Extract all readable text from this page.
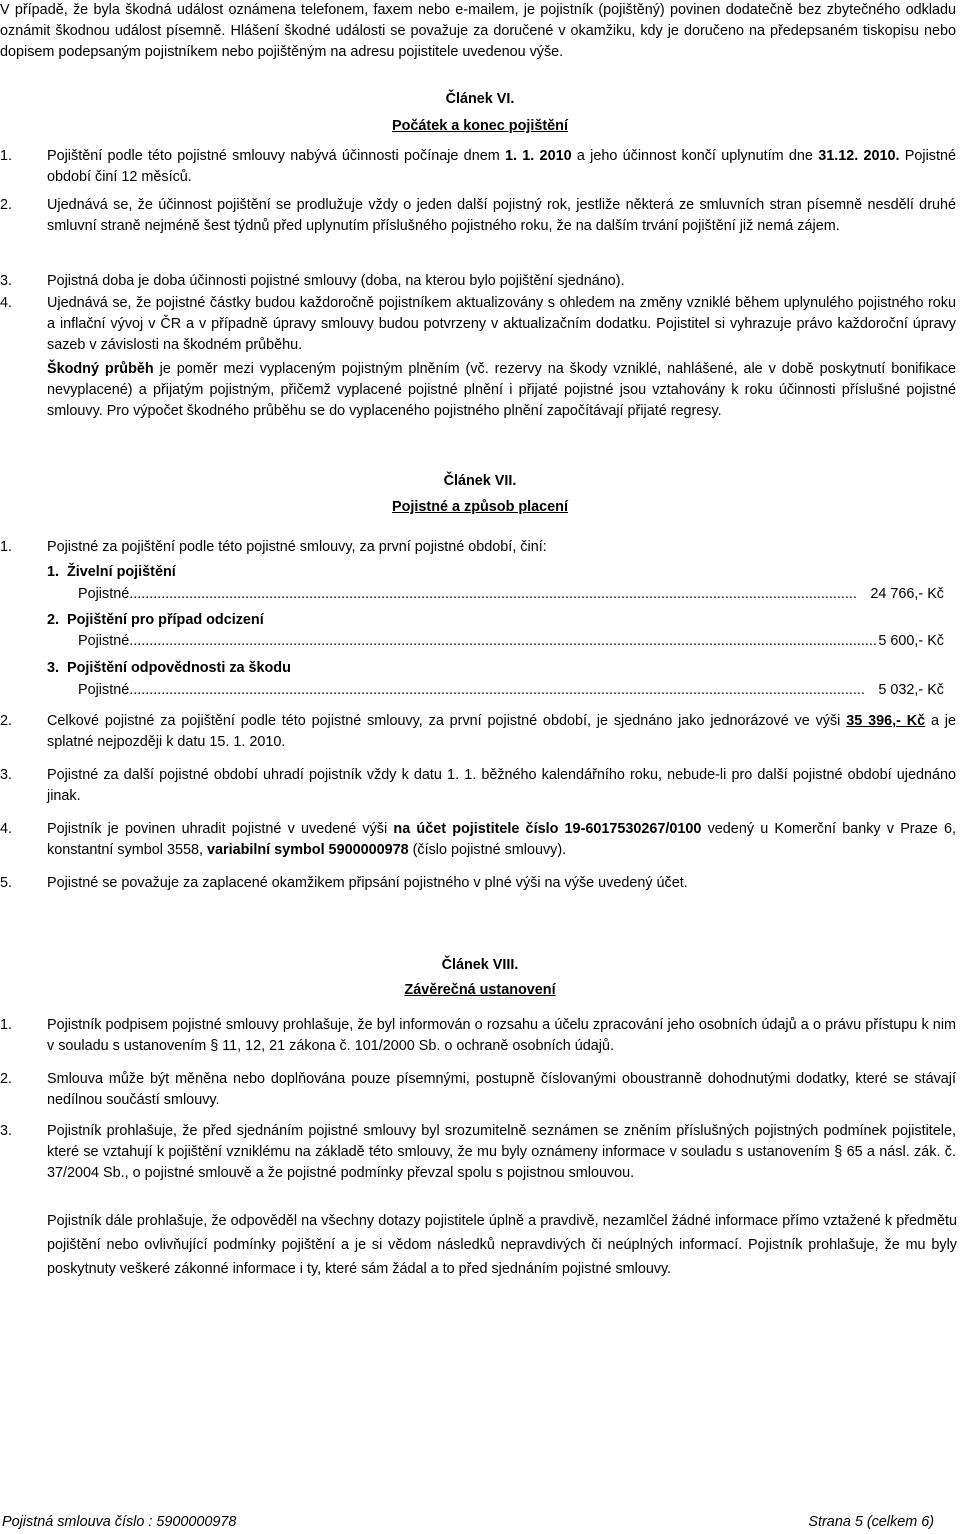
V případě, že byla škodná událost oznámena telefonem, faxem nebo e-mailem, je pojistník (pojištěný) povinen dodatečně bez zbytečného odkladu oznámit škodnou událost písemně. Hlášení škodné události se považuje za doručené v okamžiku, kdy je doručeno na předepsaném tiskopisu nebo dopisem podepsaným pojistníkem nebo pojištěným na adresu pojistitele uvedenou výše.

Článek VI.
Počátek a konec pojištění
1. Pojištění podle této pojistné smlouvy nabývá účinnosti počínaje dnem 1. 1. 2010 a jeho účinnost končí uplynutím dne 31.12. 2010. Pojistné období činí 12 měsíců.
2. Ujednává se, že účinnost pojištění se prodlužuje vždy o jeden další pojistný rok, jestliže některá ze smluvních stran písemně nesdělí druhé smluvní straně nejméně šest týdnů před uplynutím příslušného pojistného roku, že na dalším trvání pojištění již nemá zájem.
3. Pojistná doba je doba účinnosti pojistné smlouvy (doba, na kterou bylo pojištění sjednáno).
4. Ujednává se, že pojistné částky budou každoročně pojistníkem aktualizovány s ohledem na změny vzniklé během uplynulého pojistného roku a inflační vývoj v ČR a v případně úpravy smlouvy budou potvrzeny v aktualizačním dodatku. Pojistitel si vyhrazuje právo každoroční úpravy sazeb v závislosti na škodném průběhu.
Škodný průběh je poměr mezi vyplaceným pojistným plněním (vč. rezervy na škody vzniklé, nahlášené, ale v době poskytnutí bonifikace nevyplacené) a přijatým pojistným, přičemž vyplacené pojistné plnění i přijaté pojistné jsou vztahovány k roku účinnosti příslušné pojistné smlouvy. Pro výpočet škodného průběhu se do vyplaceného pojistného plnění započítávají přijaté regresy.
Článek VII.
Pojistné a způsob placení
1. Pojistné za pojištění podle této pojistné smlouvy, za první pojistné období, činí:
1. Živelní pojištění
Pojistné .....	24 766,- Kč
2. Pojištění pro případ odcizení
Pojistné .....	5 600,- Kč
3. Pojištění odpovědnosti za škodu
Pojistné .....	5 032,- Kč
2. Celkové pojistné za pojištění podle této pojistné smlouvy, za první pojistné období, je sjednáno jako jednorázové ve výši 35 396,- Kč a je splatné nejpozději k datu 15. 1. 2010.
3. Pojistné za další pojistné období uhradí pojistník vždy k datu 1. 1. běžného kalendářního roku, nebude-li pro další pojistné období ujednáno jinak.
4. Pojistník je povinen uhradit pojistné v uvedené výši na účet pojistitele číslo 19-6017530267/0100 vedený u Komerční banky v Praze 6, konstantní symbol 3558, variabilní symbol 5900000978 (číslo pojistné smlouvy).
5. Pojistné se považuje za zaplacené okamžikem připsání pojistného v plné výši na výše uvedený účet.
Článek VIII.
Závěrečná ustanovení
1. Pojistník podpisem pojistné smlouvy prohlašuje, že byl informován o rozsahu a účelu zpracování jeho osobních údajů a o právu přístupu k nim v souladu s ustanovením § 11, 12, 21 zákona č. 101/2000 Sb. o ochraně osobních údajů.
2. Smlouva může být měněna nebo doplňována pouze písemnými, postupně číslovanými oboustranně dohodnutými dodatky, které se stávají nedílnou součástí smlouvy.
3. Pojistník prohlašuje, že před sjednáním pojistné smlouvy byl srozumitelně seznámen se zněním příslušných pojistných podmínek pojistitele, které se vztahují k pojištění vzniklému na základě této smlouvy, že mu byly oznámeny informace v souladu s ustanovením § 65 a násl. zák. č. 37/2004 Sb., o pojistné smlouvě a že pojistné podmínky převzal spolu s pojistnou smlouvou.

Pojistník dále prohlašuje, že odpověděl na všechny dotazy pojistitele úplně a pravdivě, nezamlčel žádné informace přímo vztažené k předmětu pojištění nebo ovlivňující podmínky pojištění a je si vědom následků nepravdivých či neúplných informací. Pojistník prohlašuje, že mu byly poskytnuty veškeré zákonné informace i ty, které sám žádal a to před sjednáním pojistné smlouvy.

Pojistná smlouva číslo : 5900000978	Strana 5 (celkem 6)
